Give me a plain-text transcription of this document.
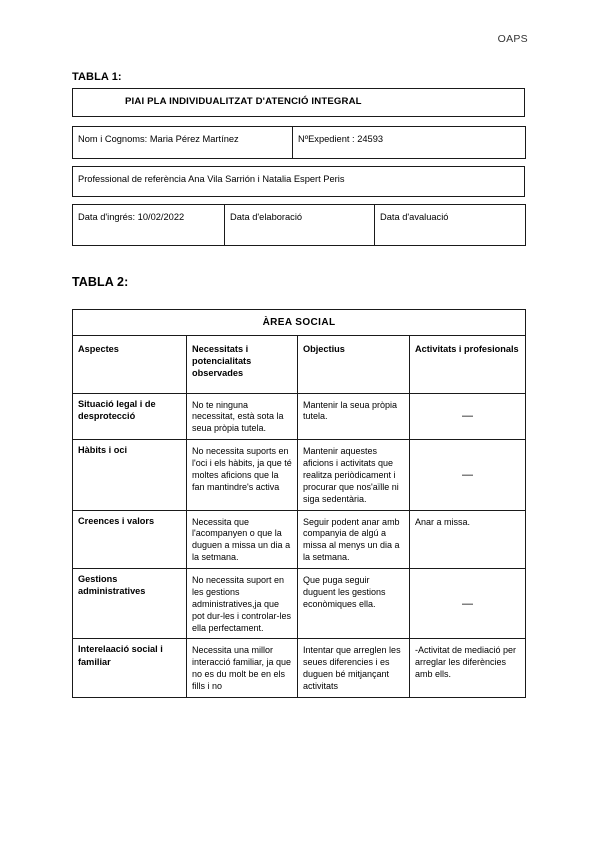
OAPS
TABLA 1:
PIAI PLA INDIVIDUALITZAT D'ATENCIÓ INTEGRAL
Nom i Cognoms: Maria Pérez Martínez	NºExpedient : 24593
Professional de referència Ana Vila Sarrión i Natalia Espert Peris
Data d'ingrés: 10/02/2022	Data d'elaboració	Data d'avaluació
TABLA 2:
ÀREA SOCIAL			
Aspectes	Necessitats i potencialitats observades	Objectius	Activitats i profesionals
Situació legal i de desprotecció	No te ninguna necessitat, està sota la seua pròpia tutela.	Mantenir la seua pròpia tutela.	—
Hàbits i oci	No necessita suports en l'oci i els hàbits, ja que té moltes aficions que la fan mantindre's activa	Mantenir aquestes aficions i activitats que realitza periòdicament i procurar que nos'aïlle ni siga sedentària.	—
Creences i valors	Necessita que l'acompanyen o que la duguen a missa un dia a la setmana.	Seguir podent anar amb companyia de algú a missa al menys un dia a la setmana.	Anar a missa.
Gestions administratives	No necessita suport en les gestions administratives,ja que pot dur-les i controlar-les ella perfectament.	Que puga seguir duguent les gestions econòmiques ella.	—
Interelaació social i familiar	Necessita una millor interacció familiar, ja que no es du molt be en els fills i no	Intentar que arreglen les seues diferencies i es duguen bé mitjançant activitats	-Activitat de mediació per arreglar les diferències amb ells.
